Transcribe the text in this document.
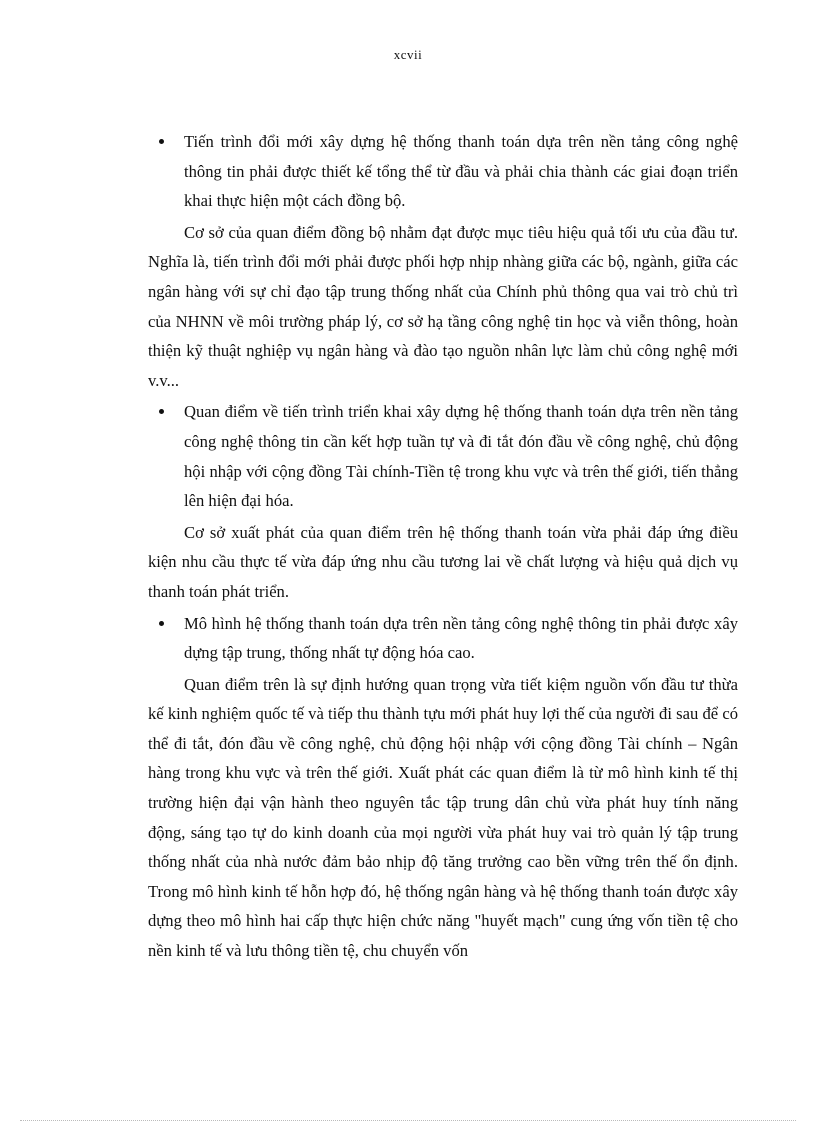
xcvii
Tiến trình đổi mới xây dựng hệ thống thanh toán dựa trên nền tảng công nghệ thông tin phải được thiết kế tổng thể từ đầu và phải chia thành các giai đoạn triển khai thực hiện một cách đồng bộ.

Cơ sở của quan điểm đồng bộ nhằm đạt được mục tiêu hiệu quả tối ưu của đầu tư. Nghĩa là, tiến trình đổi mới phải được phối hợp nhịp nhàng giữa các bộ, ngành, giữa các ngân hàng với sự chỉ đạo tập trung thống nhất của Chính phủ thông qua vai trò chủ trì của NHNN về môi trường pháp lý, cơ sở hạ tầng công nghệ tin học và viễn thông, hoàn thiện kỹ thuật nghiệp vụ ngân hàng và đào tạo nguồn nhân lực làm chủ công nghệ mới v.v...

Quan điểm về tiến trình triển khai xây dựng hệ thống thanh toán dựa trên nền tảng công nghệ thông tin cần kết hợp tuần tự và đi tắt đón đầu về công nghệ, chủ động hội nhập với cộng đồng Tài chính-Tiền tệ trong khu vực và trên thế giới, tiến thẳng lên hiện đại hóa.

Cơ sở xuất phát của quan điểm trên hệ thống thanh toán vừa phải đáp ứng điều kiện nhu cầu thực tế vừa đáp ứng nhu cầu tương lai về chất lượng và hiệu quả dịch vụ thanh toán phát triển.

Mô hình hệ thống thanh toán dựa trên nền tảng công nghệ thông tin phải được xây dựng tập trung, thống nhất tự động hóa cao.

Quan điểm trên là sự định hướng quan trọng vừa tiết kiệm nguồn vốn đầu tư thừa kế kinh nghiệm quốc tế và tiếp thu thành tựu mới phát huy lợi thế của người đi sau để có thể đi tắt, đón đầu về công nghệ, chủ động hội nhập với cộng đồng Tài chính – Ngân hàng trong khu vực và trên thế giới. Xuất phát các quan điểm là từ mô hình kinh tế thị trường hiện đại vận hành theo nguyên tắc tập trung dân chủ vừa phát huy tính năng động, sáng tạo tự do kinh doanh của mọi người vừa phát huy vai trò quản lý tập trung thống nhất của nhà nước đảm bảo nhịp độ tăng trưởng cao bền vững trên thế ổn định. Trong mô hình kinh tế hỗn hợp đó, hệ thống ngân hàng và hệ thống thanh toán được xây dựng theo mô hình hai cấp thực hiện chức năng "huyết mạch" cung ứng vốn tiền tệ cho nền kinh tế và lưu thông tiền tệ, chu chuyển vốn
